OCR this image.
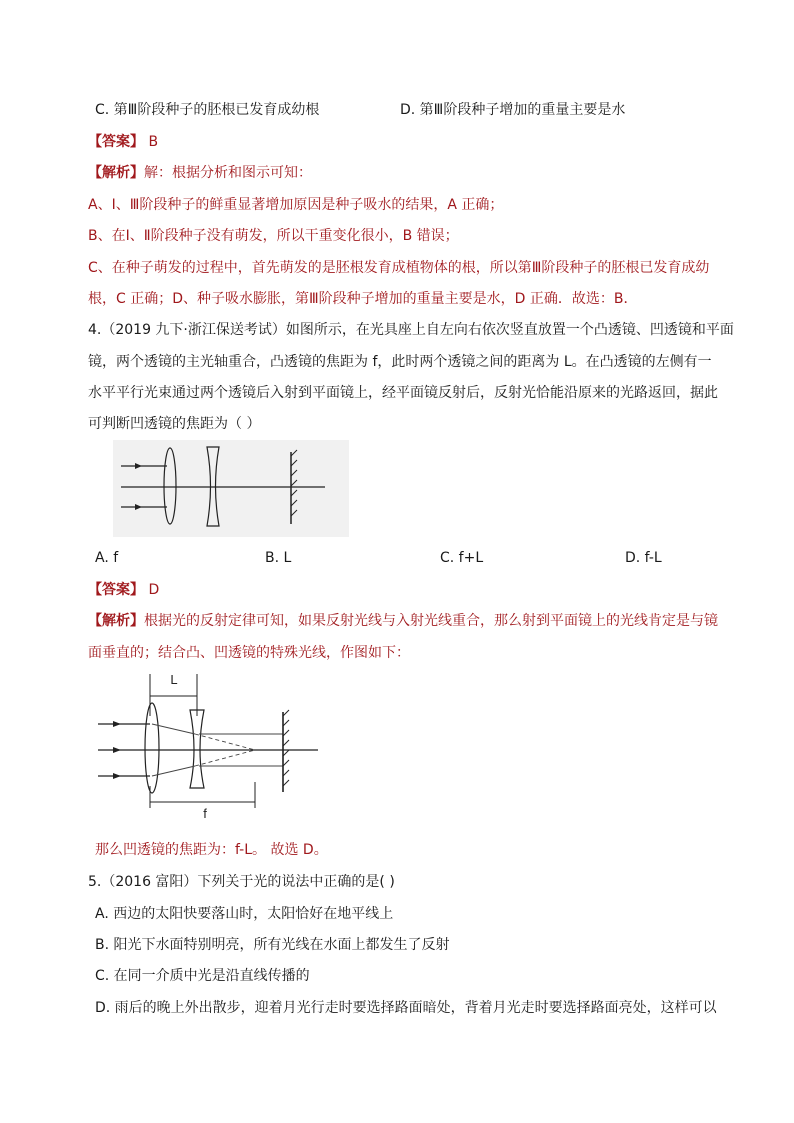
C. 第Ⅲ阶段种子的胚根已发育成幼根	D. 第Ⅲ阶段种子增加的重量主要是水
【答案】 B
【解析】解：根据分析和图示可知：
A、Ⅰ、Ⅲ阶段种子的鲜重显著增加原因是种子吸水的结果，A 正确；
B、在Ⅰ、Ⅱ阶段种子没有萌发，所以干重变化很小，B 错误；
C、在种子萌发的过程中，首先萌发的是胚根发育成植物体的根，所以第Ⅲ阶段种子的胚根已发育成幼
根，C 正确；D、种子吸水膨胀，第Ⅲ阶段种子增加的重量主要是水，D 正确．故选：B．
4.（2019 九下·浙江保送考试）如图所示，在光具座上自左向右依次竖直放置一个凸透镜、凹透镜和平面
镜，两个透镜的主光轴重合，凸透镜的焦距为 f，此时两个透镜之间的距离为 L。在凸透镜的左侧有一
水平平行光束通过两个透镜后入射到平面镜上，经平面镜反射后，反射光恰能沿原来的光路返回，据此
可判断凹透镜的焦距为（ ）
A. f	B. L	C. f+L	D. f-L
【答案】 D
【解析】根据光的反射定律可知，如果反射光线与入射光线重合，那么射到平面镜上的光线肯定是与镜
面垂直的；结合凸、凹透镜的特殊光线，作图如下：
L
f
那么凹透镜的焦距为：f-L。 故选 D。
5.（2016 富阳）下列关于光的说法中正确的是( )
A. 西边的太阳快要落山时，太阳恰好在地平线上
B. 阳光下水面特别明亮，所有光线在水面上都发生了反射
C. 在同一介质中光是沿直线传播的
D. 雨后的晚上外出散步，迎着月光行走时要选择路面暗处，背着月光走时要选择路面亮处，这样可以
